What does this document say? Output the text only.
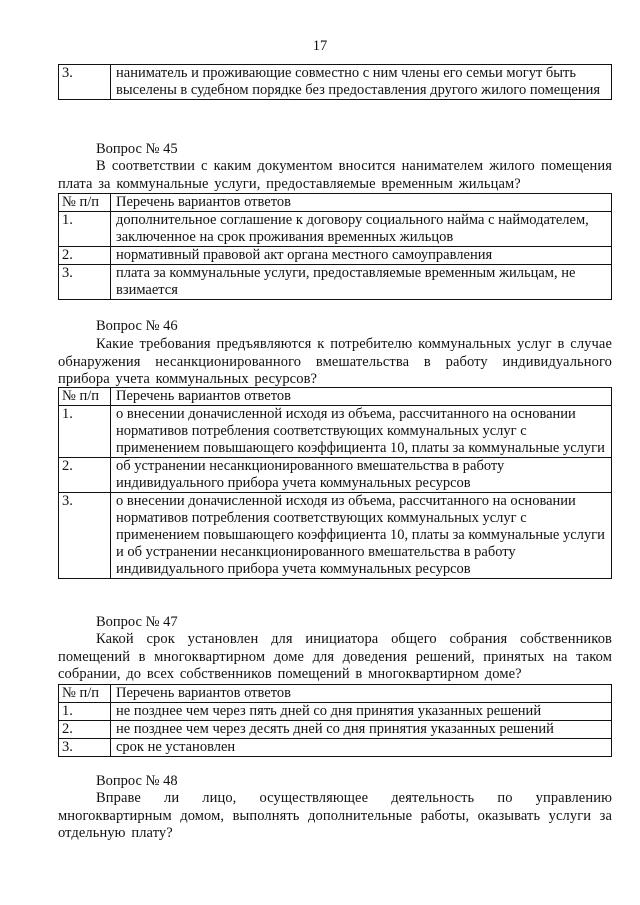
17
3.	наниматель и проживающие совместно с ним члены его семьи могут быть выселены в судебном порядке без предоставления другого жилого помещения
Вопрос № 45

В соответствии с каким документом вносится нанимателем жилого помещения плата за коммунальные услуги, предоставляемые временным жильцам?

№ п/п	Перечень вариантов ответов
1.	дополнительное соглашение к договору социального найма с наймодателем, заключенное на срок проживания временных жильцов
2.	нормативный правовой акт органа местного самоуправления
3.	плата за коммунальные услуги, предоставляемые временным жильцам, не взимается
Вопрос № 46

Какие требования предъявляются к потребителю коммунальных услуг в случае обнаружения несанкционированного вмешательства в работу индивидуального прибора учета коммунальных ресурсов?

№ п/п	Перечень вариантов ответов
1.	о внесении доначисленной исходя из объема, рассчитанного на основании нормативов потребления соответствующих коммунальных услуг с применением повышающего коэффициента 10, платы за коммунальные услуги
2.	об устранении несанкционированного вмешательства в работу индивидуального прибора учета коммунальных ресурсов
3.	о внесении доначисленной исходя из объема, рассчитанного на основании нормативов потребления соответствующих коммунальных услуг с применением повышающего коэффициента 10, платы за коммунальные услуги и об устранении несанкционированного вмешательства в работу индивидуального прибора учета коммунальных ресурсов
Вопрос № 47

Какой срок установлен для инициатора общего собрания собственников помещений в многоквартирном доме для доведения решений, принятых на таком собрании, до всех собственников помещений в многоквартирном доме?

№ п/п	Перечень вариантов ответов
1.	не позднее чем через пять дней со дня принятия указанных решений
2.	не позднее чем через десять дней со дня принятия указанных решений
3.	срок не установлен
Вопрос № 48

Вправе ли лицо, осуществляющее деятельность по управлению многоквартирным домом, выполнять дополнительные работы, оказывать услуги за отдельную плату?
